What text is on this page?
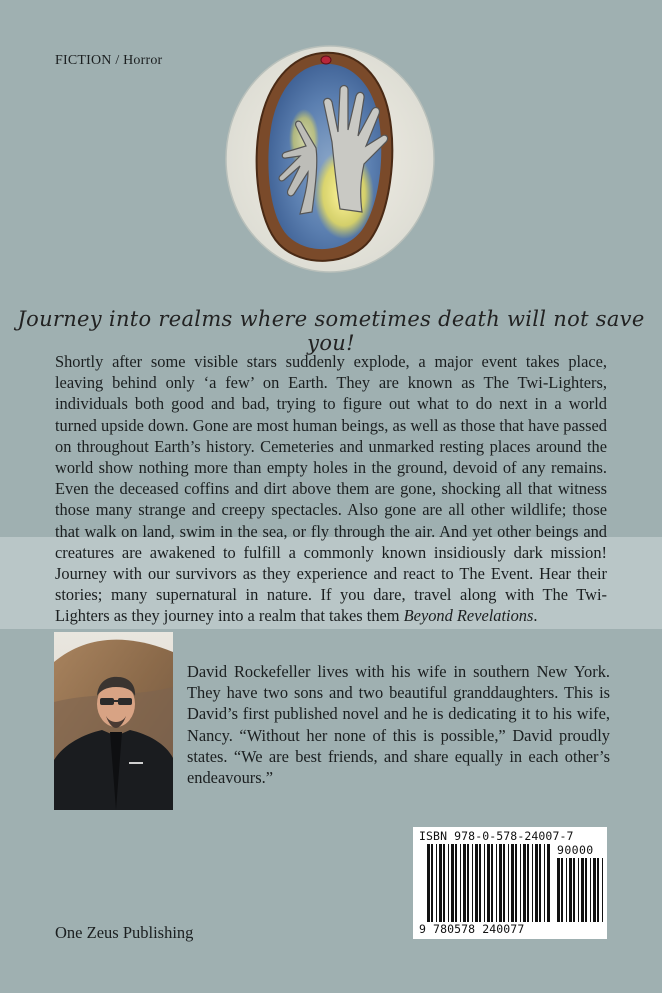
FICTION / Horror
Journey into realms where sometimes death will not save you!

Shortly after some visible stars suddenly explode, a major event takes place, leaving behind only ‘a few’ on Earth. They are known as The Twi-Lighters, individuals both good and bad, trying to figure out what to do next in a world turned upside down. Gone are most human beings, as well as those that have passed on throughout Earth’s history. Cemeteries and unmarked resting places around the world show nothing more than empty holes in the ground, devoid of any remains. Even the deceased coffins and dirt above them are gone, shocking all that witness those many strange and creepy spectacles. Also gone are all other wildlife; those that walk on land, swim in the sea, or fly through the air. And yet other beings and creatures are awakened to fulfill a commonly known insidiously dark mission! Journey with our survivors as they experience and react to The Event. Hear their stories; many supernatural in nature. If you dare, travel along with The Twi-Lighters as they journey into a realm that takes them Beyond Revelations.

David Rockefeller lives with his wife in southern New York. They have two sons and two beautiful granddaughters. This is David’s first published novel and he is dedicating it to his wife, Nancy. “Without her none of this is possible,” David proudly states. “We are best friends, and share equally in each other’s endeavours.”
ISBN 978-0-578-24007-7
90000
9 780578 240077
One Zeus Publishing
